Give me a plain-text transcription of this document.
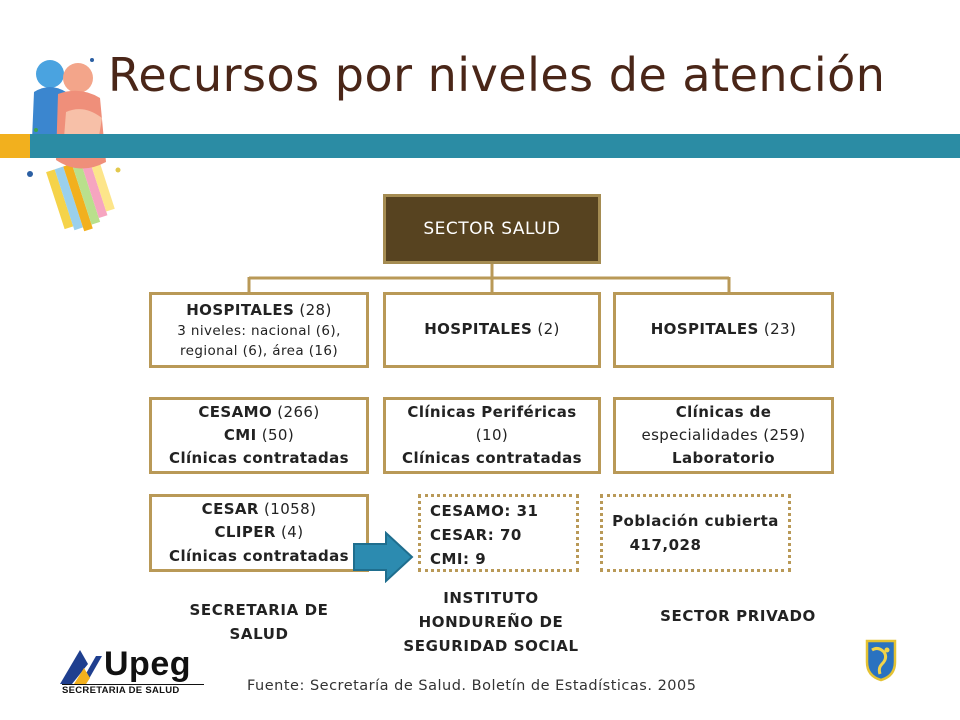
Recursos por niveles de atención
SECTOR SALUD
HOSPITALES (28)
3 niveles: nacional (6),
regional (6), área (16)
HOSPITALES (2)	HOSPITALES (23)
CESAMO (266)
CMI (50)
Clínicas contratadas
Clínicas Periféricas
(10)
Clínicas contratadas
Clínicas de
especialidades (259)
Laboratorio
CESAR (1058)
CLIPER (4)
Clínicas contratadas
CESAMO: 31
CESAR: 70
CMI: 9
Población cubierta
417,028
SECRETARIA DE
SALUD
INSTITUTO
HONDUREÑO DE
SEGURIDAD SOCIAL
SECTOR PRIVADO
Upeg
SECRETARIA DE SALUD	Fuente: Secretaría de Salud. Boletín de Estadísticas. 2005
